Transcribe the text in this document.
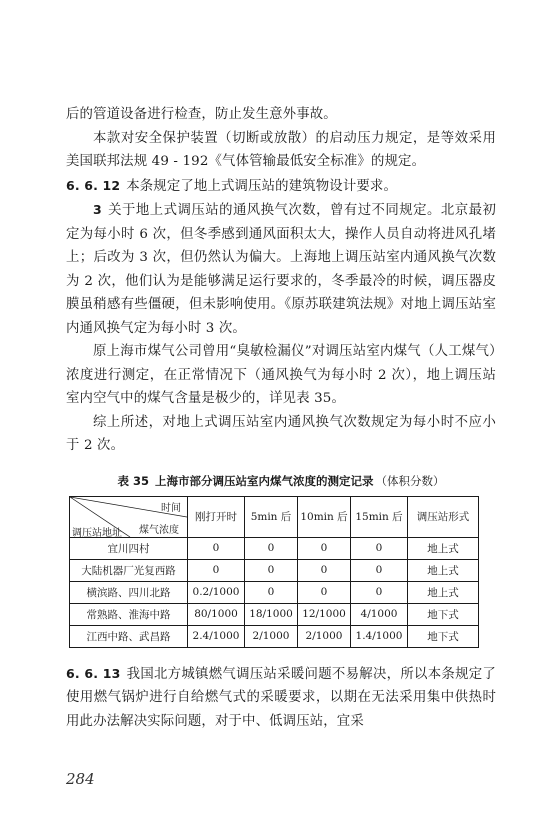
后的管道设备进行检查，防止发生意外事故。

本款对安全保护装置（切断或放散）的启动压力规定，是等效采用美国联邦法规 49 - 192《气体管输最低安全标准》的规定。

6. 6. 12 本条规定了地上式调压站的建筑物设计要求。

3 关于地上式调压站的通风换气次数，曾有过不同规定。北京最初定为每小时 6 次，但冬季感到通风面积太大，操作人员自动将进风孔堵上；后改为 3 次，但仍然认为偏大。上海地上调压站室内通风换气次数为 2 次，他们认为是能够满足运行要求的，冬季最冷的时候，调压器皮膜虽稍感有些僵硬，但未影响使用。《原苏联建筑法规》对地上调压站室内通风换气定为每小时 3 次。

原上海市煤气公司曾用“臭敏检漏仪”对调压站室内煤气（人工煤气）浓度进行测定，在正常情况下（通风换气为每小时 2 次），地上调压站室内空气中的煤气含量是极少的，详见表 35。

综上所述，对地上式调压站室内通风换气次数规定为每小时不应小于 2 次。

表 35 上海市部分调压站室内煤气浓度的测定记录 （体积分数）
时间
煤气浓度
调压站地址	刚打开时	5min 后	10min 后	15min 后	调压站形式
宜川四村	0	0	0	0	地上式
大陆机器厂光复西路	0	0	0	0	地上式
横滨路、四川北路	0.2/1000	0	0	0	地上式
常熟路、淮海中路	80/1000	18/1000	12/1000	4/1000	地下式
江西中路、武昌路	2.4/1000	2/1000	2/1000	1.4/1000	地下式

6. 6. 13 我国北方城镇燃气调压站采暖问题不易解决，所以本条规定了使用燃气锅炉进行自给燃气式的采暖要求，以期在无法采用集中供热时用此办法解决实际问题，对于中、低调压站，宜采

284
